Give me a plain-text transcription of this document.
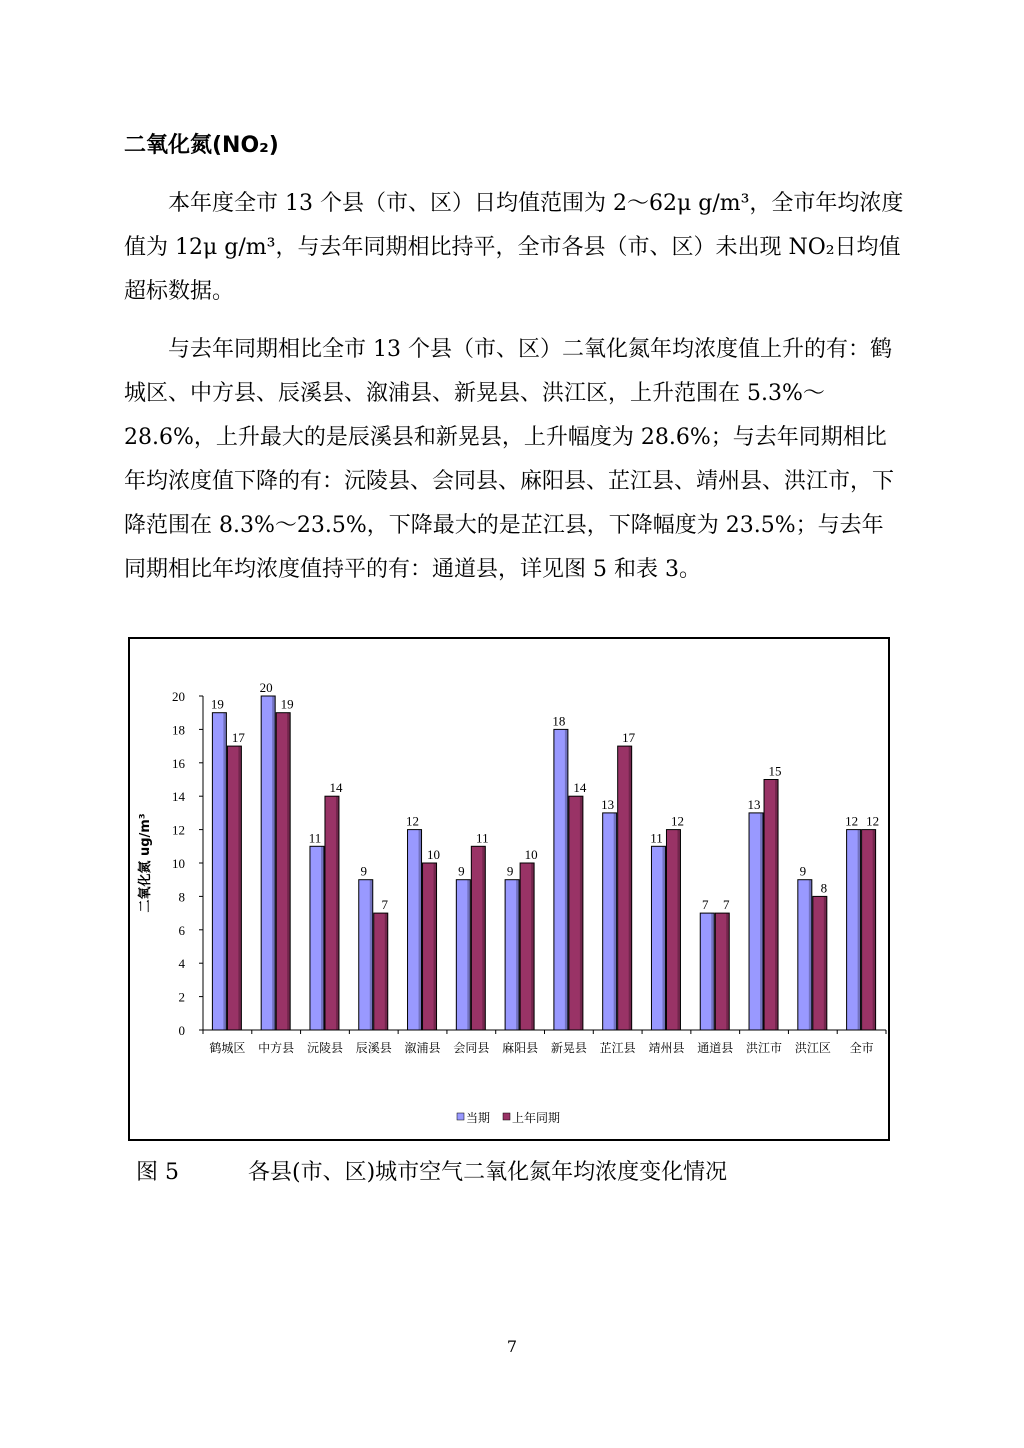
二氧化氮(NO₂)

本年度全市 13 个县（市、区）日均值范围为 2～62μ g/m³，全市年均浓度值为 12μ g/m³，与去年同期相比持平，全市各县（市、区）未出现 NO₂日均值超标数据。

与去年同期相比全市 13 个县（市、区）二氧化氮年均浓度值上升的有：鹤城区、中方县、辰溪县、溆浦县、新晃县、洪江区，上升范围在 5.3%～28.6%，上升最大的是辰溪县和新晃县，上升幅度为 28.6%；与去年同期相比年均浓度值下降的有：沅陵县、会同县、麻阳县、芷江县、靖州县、洪江市，下降范围在 8.3%～23.5%，下降最大的是芷江县，下降幅度为 23.5%；与去年同期相比年均浓度值持平的有：通道县，详见图 5 和表 3。

0
2
4
6
8
10
12
14
16
18
20
二氧化氮 ug/m³
19
17
鹤城区
20
19
中方县
11
14
沅陵县
9
7
辰溪县
12
10
溆浦县
9
11
会同县
9
10
麻阳县
18
14
新晃县
13
17
芷江县
11
12
靖州县
7 7
通道县
13
15
洪江市
9
8
洪江区
12 12
全市
当期 上年同期
图 5	各县(市、区)城市空气二氧化氮年均浓度变化情况
7
